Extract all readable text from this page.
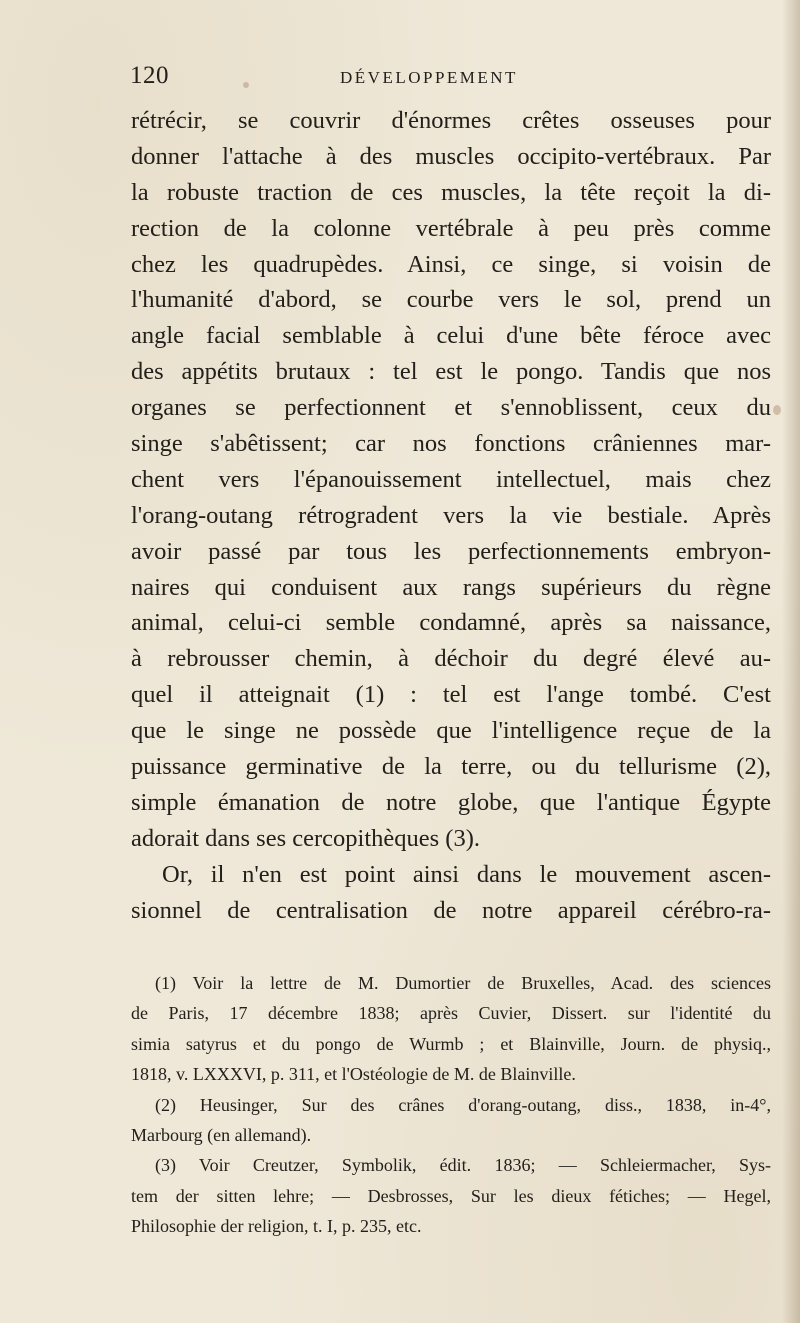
120	DÉVELOPPEMENT
rétrécir, se couvrir d'énormes crêtes osseuses pour
donner l'attache à des muscles occipito-vertébraux. Par
la robuste traction de ces muscles, la tête reçoit la di-
rection de la colonne vertébrale à peu près comme
chez les quadrupèdes. Ainsi, ce singe, si voisin de
l'humanité d'abord, se courbe vers le sol, prend un
angle facial semblable à celui d'une bête féroce avec
des appétits brutaux : tel est le pongo. Tandis que nos
organes se perfectionnent et s'ennoblissent, ceux du
singe s'abêtissent; car nos fonctions crâniennes mar-
chent vers l'épanouissement intellectuel, mais chez
l'orang-outang rétrogradent vers la vie bestiale. Après
avoir passé par tous les perfectionnements embryon-
naires qui conduisent aux rangs supérieurs du règne
animal, celui-ci semble condamné, après sa naissance,
à rebrousser chemin, à déchoir du degré élevé au-
quel il atteignait (1) : tel est l'ange tombé. C'est
que le singe ne possède que l'intelligence reçue de la
puissance germinative de la terre, ou du tellurisme (2),
simple émanation de notre globe, que l'antique Égypte
adorait dans ses cercopithèques (3).
Or, il n'en est point ainsi dans le mouvement ascen-
sionnel de centralisation de notre appareil cérébro-ra-
(1) Voir la lettre de M. Dumortier de Bruxelles, Acad. des sciences
de Paris, 17 décembre 1838; après Cuvier, Dissert. sur l'identité du
simia satyrus et du pongo de Wurmb ; et Blainville, Journ. de physiq.,
1818, v. LXXXVI, p. 311, et l'Ostéologie de M. de Blainville.
(2) Heusinger, Sur des crânes d'orang-outang, diss., 1838, in-4°,
Marbourg (en allemand).
(3) Voir Creutzer, Symbolik, édit. 1836; — Schleiermacher, Sys-
tem der sitten lehre; — Desbrosses, Sur les dieux fétiches; — Hegel,
Philosophie der religion, t. I, p. 235, etc.
